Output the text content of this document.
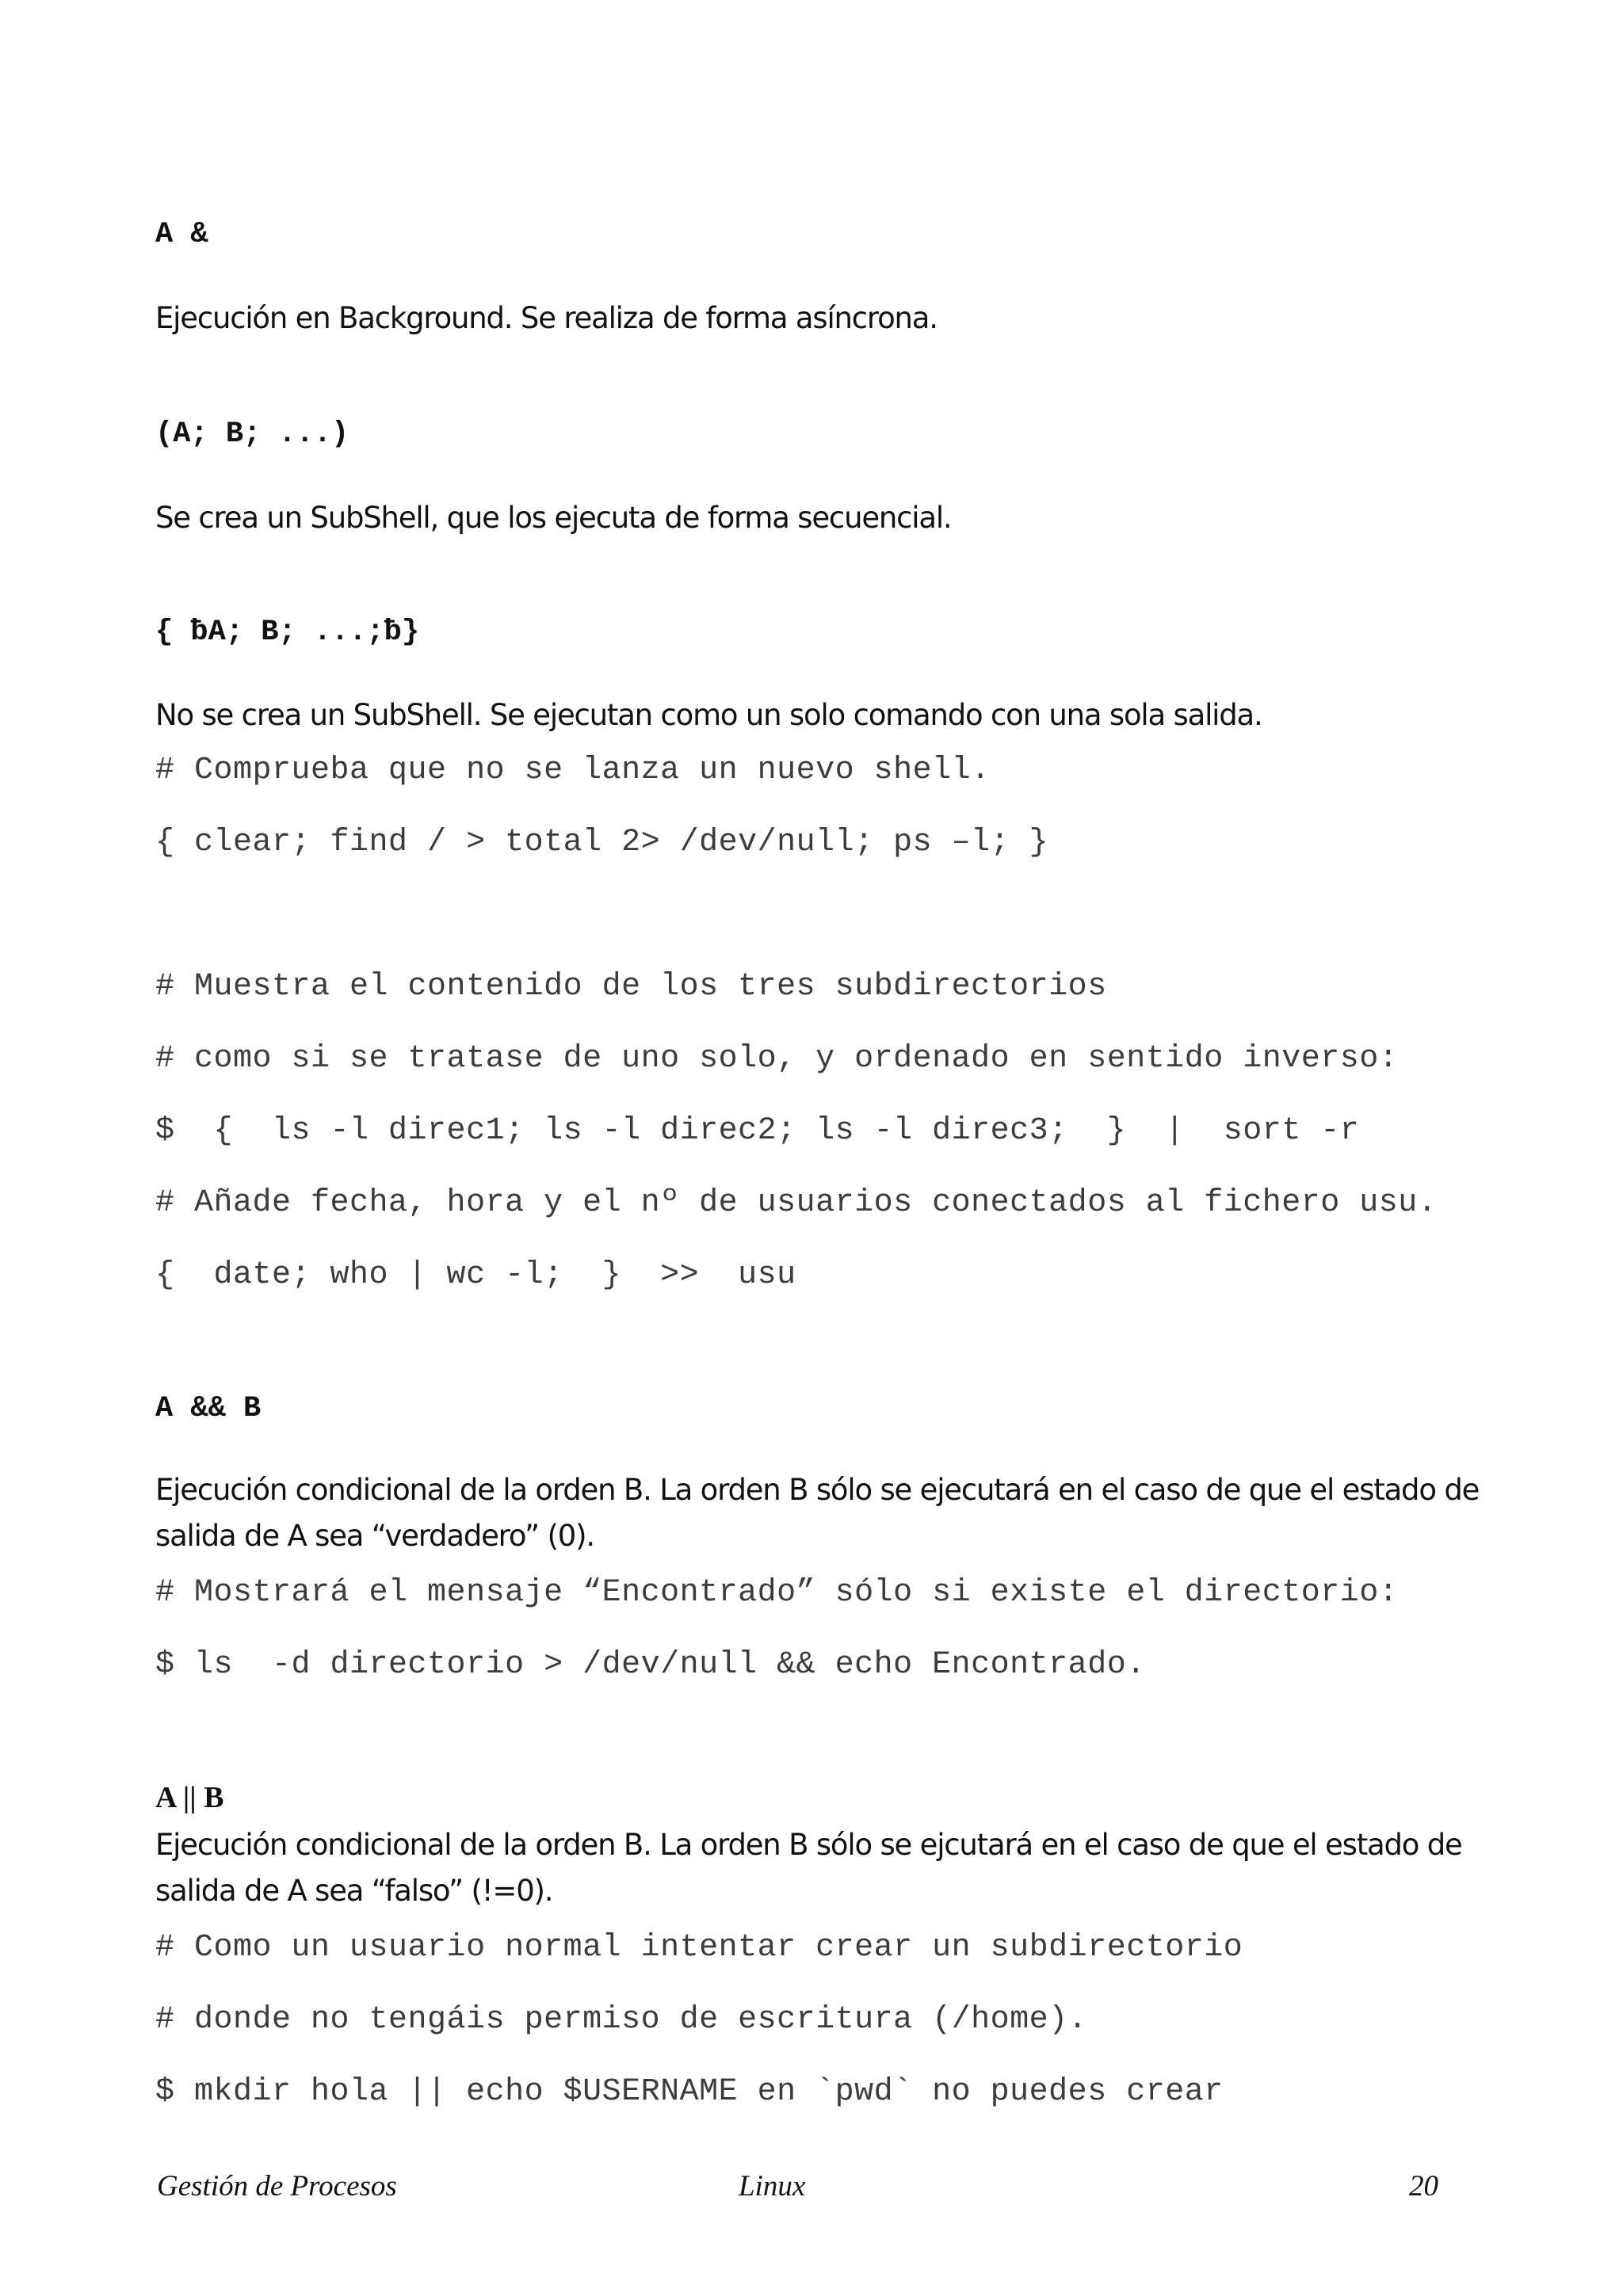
A &
Ejecución en Background. Se realiza de forma asíncrona.
(A; B; ...)
Se crea un SubShell, que los ejecuta de forma secuencial.
{ ƀA; B; ...;ƀ}
No se crea un SubShell. Se ejecutan como un solo comando con una sola salida.
# Comprueba que no se lanza un nuevo shell.
{ clear; find / > total 2> /dev/null; ps –l; }
# Muestra el contenido de los tres subdirectorios
# como si se tratase de uno solo, y ordenado en sentido inverso:
$  {  ls -l direc1; ls -l direc2; ls -l direc3;  }  |  sort -r
# Añade fecha, hora y el nº de usuarios conectados al fichero usu.
{  date; who | wc -l;  }  >>  usu
A && B
Ejecución condicional de la orden B. La orden B sólo se ejecutará en el caso de que el estado de salida de A sea “verdadero” (0).
# Mostrará el mensaje “Encontrado” sólo si existe el directorio:
$ ls  -d directorio > /dev/null && echo Encontrado.
A || B
Ejecución condicional de la orden B. La orden B sólo se ejcutará en el caso de que el estado de salida de A sea “falso” (!=0).
# Como un usuario normal intentar crear un subdirectorio
# donde no tengáis permiso de escritura (/home).
$ mkdir hola || echo $USERNAME en `pwd` no puedes crear
Gestión de Procesos	Linux	20
